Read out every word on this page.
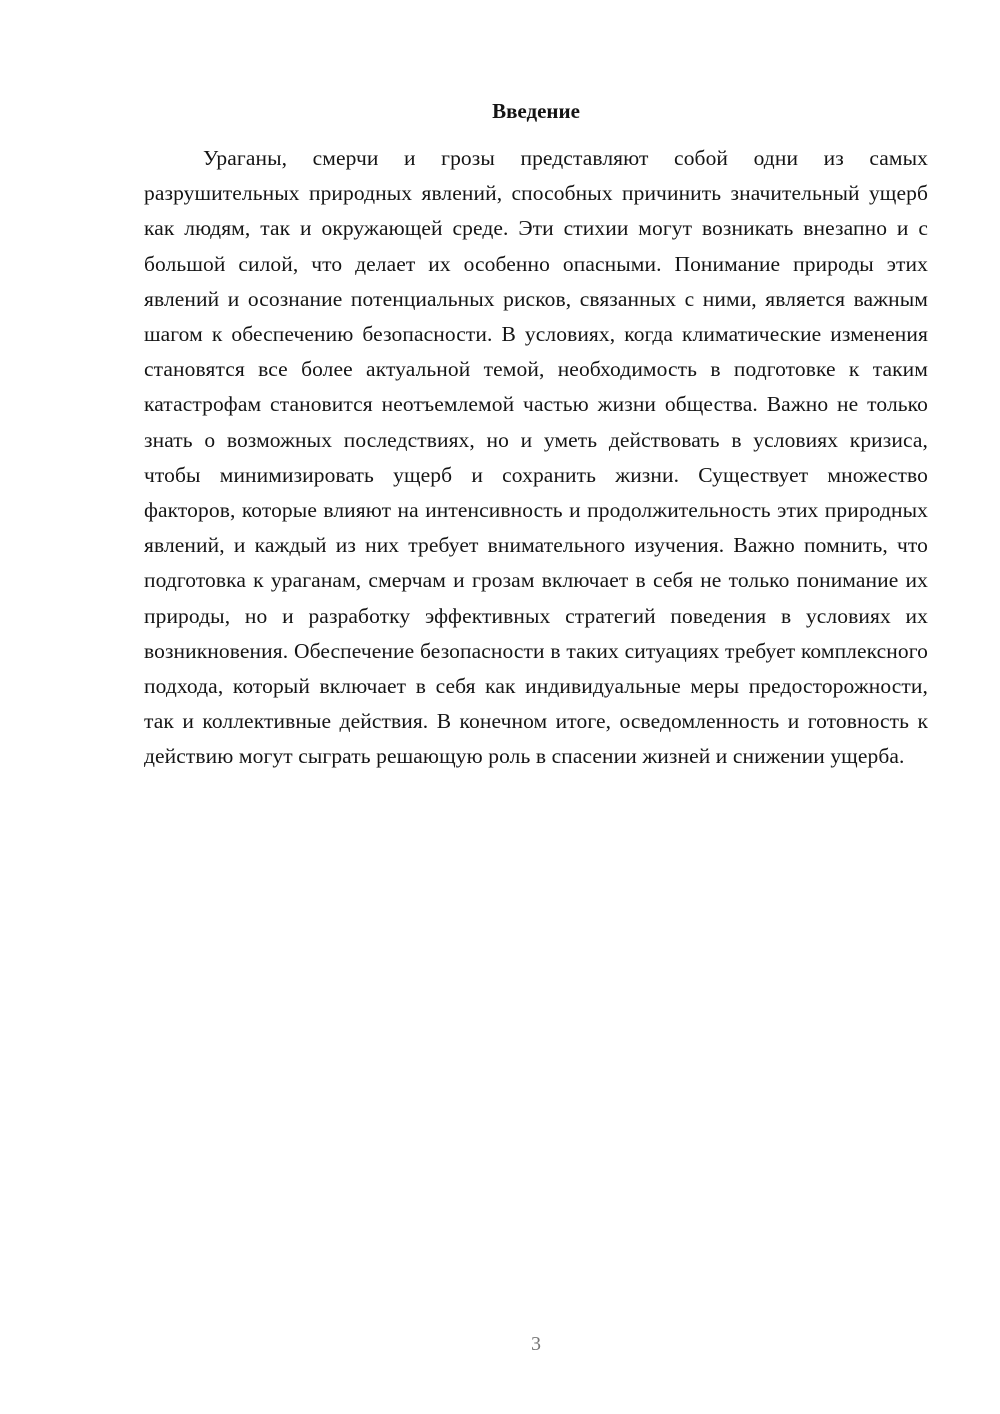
Введение

Ураганы, смерчи и грозы представляют собой одни из самых разрушительных природных явлений, способных причинить значительный ущерб как людям, так и окружающей среде. Эти стихии могут возникать внезапно и с большой силой, что делает их особенно опасными. Понимание природы этих явлений и осознание потенциальных рисков, связанных с ними, является важным шагом к обеспечению безопасности. В условиях, когда климатические изменения становятся все более актуальной темой, необходимость в подготовке к таким катастрофам становится неотъемлемой частью жизни общества. Важно не только знать о возможных последствиях, но и уметь действовать в условиях кризиса, чтобы минимизировать ущерб и сохранить жизни. Существует множество факторов, которые влияют на интенсивность и продолжительность этих природных явлений, и каждый из них требует внимательного изучения. Важно помнить, что подготовка к ураганам, смерчам и грозам включает в себя не только понимание их природы, но и разработку эффективных стратегий поведения в условиях их возникновения. Обеспечение безопасности в таких ситуациях требует комплексного подхода, который включает в себя как индивидуальные меры предосторожности, так и коллективные действия. В конечном итоге, осведомленность и готовность к действию могут сыграть решающую роль в спасении жизней и снижении ущерба.

3
